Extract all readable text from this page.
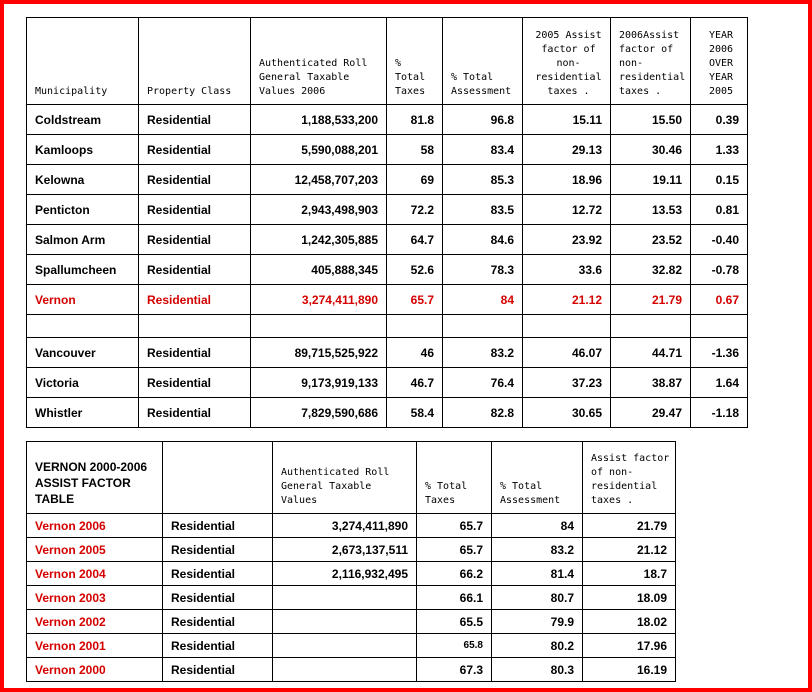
Municipality	Property Class	Authenticated Roll General Taxable Values 2006	% Total Taxes	% Total Assessment	2005 Assist factor of non-residential taxes .	2006Assist factor of non-residential taxes .	YEAR 2006 OVER YEAR 2005
Coldstream	Residential	1,188,533,200	81.8	96.8	15.11	15.50	0.39
Kamloops	Residential	5,590,088,201	58	83.4	29.13	30.46	1.33
Kelowna	Residential	12,458,707,203	69	85.3	18.96	19.11	0.15
Penticton	Residential	2,943,498,903	72.2	83.5	12.72	13.53	0.81
Salmon Arm	Residential	1,242,305,885	64.7	84.6	23.92	23.52	-0.40
Spallumcheen	Residential	405,888,345	52.6	78.3	33.6	32.82	-0.78
Vernon	Residential	3,274,411,890	65.7	84	21.12	21.79	0.67

Vancouver	Residential	89,715,525,922	46	83.2	46.07	44.71	-1.36
Victoria	Residential	9,173,919,133	46.7	76.4	37.23	38.87	1.64
Whistler	Residential	7,829,590,686	58.4	82.8	30.65	29.47	-1.18
VERNON 2000-2006 ASSIST FACTOR TABLE		Authenticated Roll General Taxable Values	% Total Taxes	% Total Assessment	Assist factor of non-residential taxes .
Vernon 2006	Residential	3,274,411,890	65.7	84	21.79
Vernon 2005	Residential	2,673,137,511	65.7	83.2	21.12
Vernon 2004	Residential	2,116,932,495	66.2	81.4	18.7
Vernon 2003	Residential		66.1	80.7	18.09
Vernon 2002	Residential		65.5	79.9	18.02
Vernon 2001	Residential		65.8	80.2	17.96
Vernon 2000	Residential		67.3	80.3	16.19
